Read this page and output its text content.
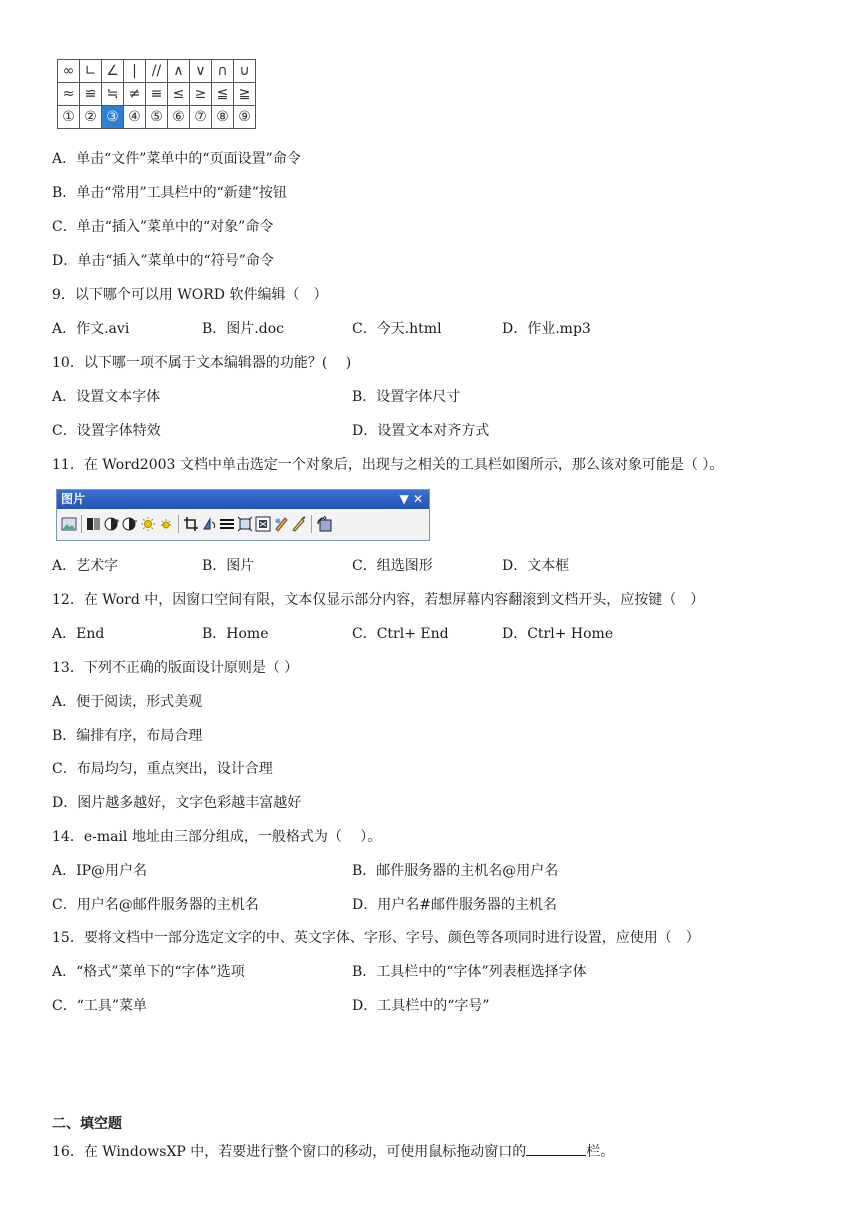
∞	∟	∠	|	//	∧	∨	∩	∪
≈	≌	≒	≠	≡	≤	≥	≦	≧
①	②	③	④	⑤	⑥	⑦	⑧	⑨
A．单击“文件”菜单中的“页面设置”命令
B．单击“常用”工具栏中的“新建”按钮
C．单击“插入”菜单中的“对象”命令
D．单击“插入”菜单中的“符号”命令
9．以下哪个可以用 WORD 软件编辑（　）
A．作文.avi	B．图片.doc	C．今天.html	D．作业.mp3
10．以下哪一项不属于文本编辑器的功能？(　 )
A．设置文本字体	B．设置字体尺寸
C．设置字体特效	D．设置文本对齐方式
11．在 Word2003 文档中单击选定一个对象后，出现与之相关的工具栏如图所示，那么该对象可能是（ ）。
图片	▼ ✕
A．艺术字	B．图片	C．组选图形	D．文本框
12．在 Word 中，因窗口空间有限，文本仅显示部分内容，若想屏幕内容翻滚到文档开头，应按键（　）
A．End	B．Home	C．Ctrl+ End	D．Ctrl+ Home
13．下列不正确的版面设计原则是（ ）
A．便于阅读，形式美观
B．编排有序，布局合理
C．布局均匀，重点突出，设计合理
D．图片越多越好，文字色彩越丰富越好
14．e-mail 地址由三部分组成，一般格式为（　 ）。
A．IP@用户名	B．邮件服务器的主机名@用户名
C．用户名@邮件服务器的主机名	D．用户名#邮件服务器的主机名
15．要将文档中一部分选定文字的中、英文字体、字形、字号、颜色等各项同时进行设置，应使用（　）
A．“格式”菜单下的“字体”选项	B．工具栏中的“字体”列表框选择字体
C．“工具”菜单	D．工具栏中的“字号”
二、填空题
16．在 WindowsXP 中，若要进行整个窗口的移动，可使用鼠标拖动窗口的	栏。
